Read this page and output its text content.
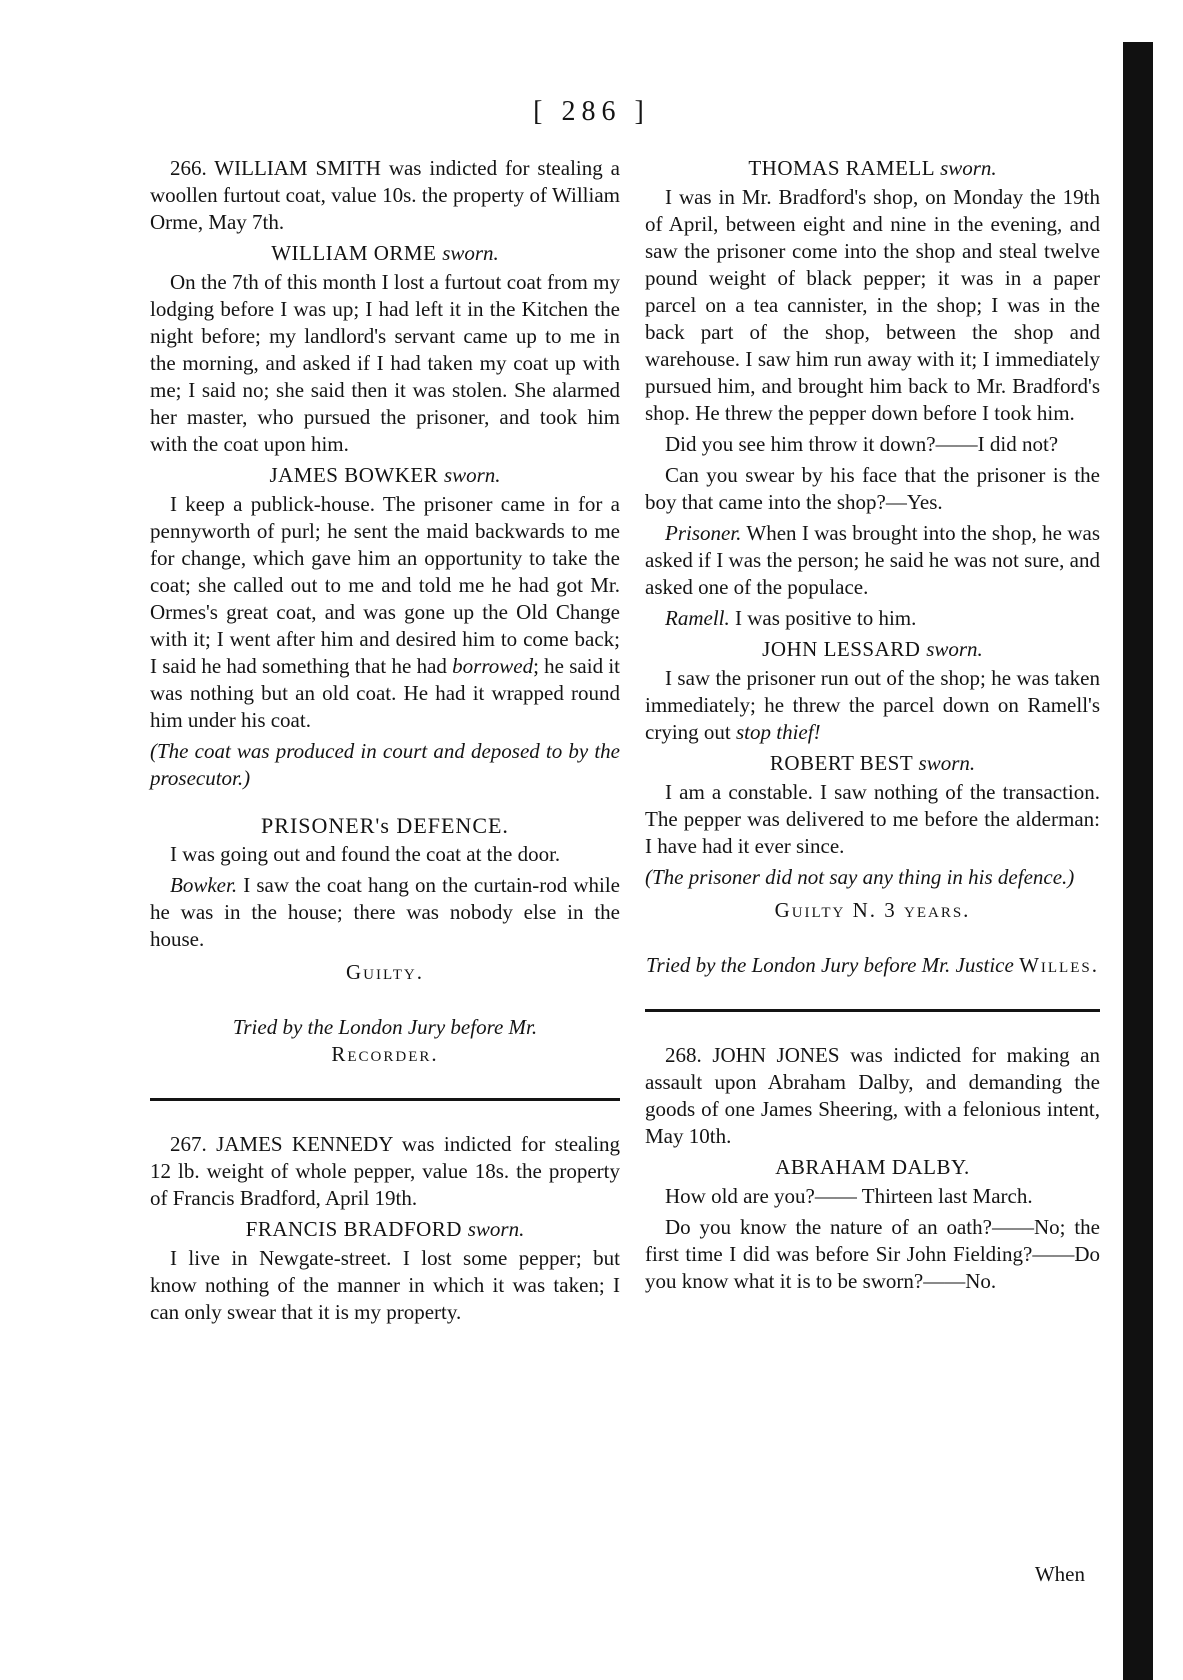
[ 286 ]

266. WILLIAM SMITH was indicted for stealing a woollen furtout coat, value 10s. the property of William Orme, May 7th.

WILLIAM ORME sworn.

On the 7th of this month I lost a furtout coat from my lodging before I was up; I had left it in the Kitchen the night before; my landlord's servant came up to me in the morning, and asked if I had taken my coat up with me; I said no; she said then it was stolen. She alarmed her master, who pursued the prisoner, and took him with the coat upon him.

JAMES BOWKER sworn.

I keep a publick-house. The prisoner came in for a pennyworth of purl; he sent the maid backwards to me for change, which gave him an opportunity to take the coat; she called out to me and told me he had got Mr. Ormes's great coat, and was gone up the Old Change with it; I went after him and desired him to come back; I said he had something that he had borrowed; he said it was nothing but an old coat. He had it wrapped round him under his coat.

(The coat was produced in court and deposed to by the prosecutor.)

PRISONER's DEFENCE.

I was going out and found the coat at the door.

Bowker. I saw the coat hang on the curtain-rod while he was in the house; there was nobody else in the house.

Guilty.
Tried by the London Jury before Mr.
Recorder.

267. JAMES KENNEDY was indicted for stealing 12 lb. weight of whole pepper, value 18s. the property of Francis Bradford, April 19th.

FRANCIS BRADFORD sworn.

I live in Newgate-street. I lost some pepper; but know nothing of the manner in which it was taken; I can only swear that it is my property.

THOMAS RAMELL sworn.

I was in Mr. Bradford's shop, on Monday the 19th of April, between eight and nine in the evening, and saw the prisoner come into the shop and steal twelve pound weight of black pepper; it was in a paper parcel on a tea cannister, in the shop; I was in the back part of the shop, between the shop and warehouse. I saw him run away with it; I immediately pursued him, and brought him back to Mr. Bradford's shop. He threw the pepper down before I took him.

Did you see him throw it down?——I did not?

Can you swear by his face that the prisoner is the boy that came into the shop?—Yes.

Prisoner. When I was brought into the shop, he was asked if I was the person; he said he was not sure, and asked one of the populace.

Ramell. I was positive to him.

JOHN LESSARD sworn.

I saw the prisoner run out of the shop; he was taken immediately; he threw the parcel down on Ramell's crying out stop thief!

ROBERT BEST sworn.

I am a constable. I saw nothing of the transaction. The pepper was delivered to me before the alderman: I have had it ever since.

(The prisoner did not say any thing in his defence.)

Guilty N. 3 years.
Tried by the London Jury before Mr. Justice Willes.

268. JOHN JONES was indicted for making an assault upon Abraham Dalby, and demanding the goods of one James Sheering, with a felonious intent, May 10th.

ABRAHAM DALBY.

How old are you?—— Thirteen last March.

Do you know the nature of an oath?——No; the first time I did was before Sir John Fielding?——Do you know what it is to be sworn?——No.

When
